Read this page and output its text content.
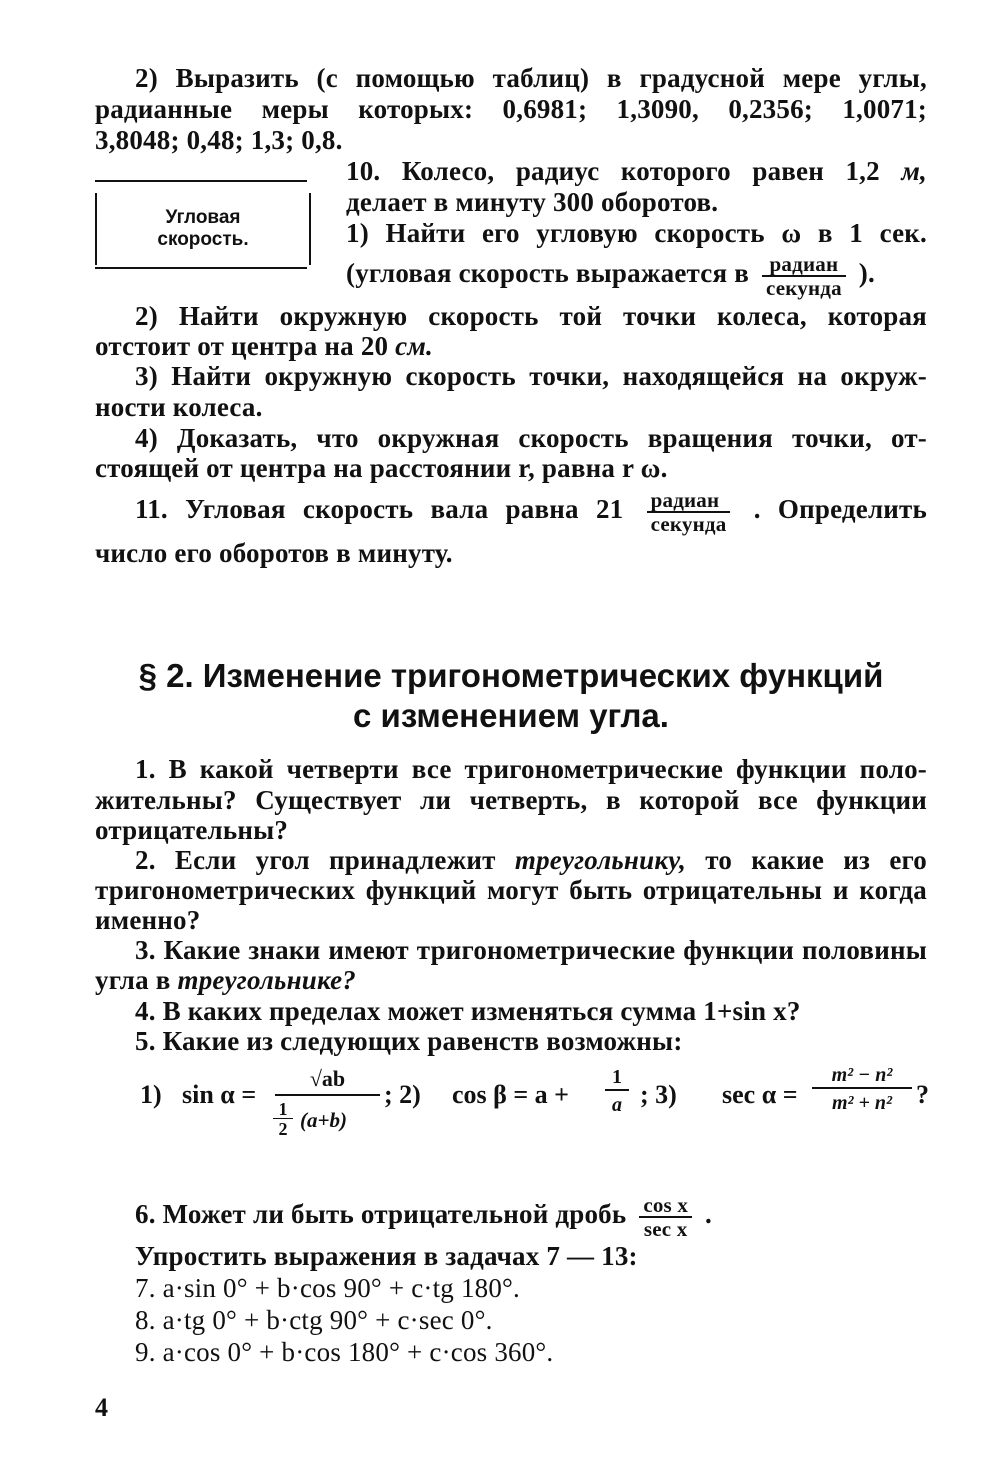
2) Выразить (с помощью таблиц) в градусной мере углы,
радианные меры которых: 0,6981; 1,3090, 0,2356; 1,0071;
3,8048; 0,48; 1,3; 0,8.
Угловая
скорость.
10. Колесо, радиус которого равен 1,2 м,
делает в минуту 300 оборотов.
1) Найти его угловую скорость ω в 1 сек.
(угловая скорость выражается в $\frac{\text{радиан}}{\text{секунда}}$ ).
2) Найти окружную скорость той точки колеса, которая
отстоит от центра на 20 см.
3) Найти окружную скорость точки, находящейся на окруж-
ности колеса.
4) Доказать, что окружная скорость вращения точки, от-
стоящей от центра на расстоянии r, равна r ω.
11. Угловая скорость вала равна $21 \frac{\text{радиан}}{\text{секунда}}$ . Определить
число его оборотов в минуту.
§ 2. Изменение тригонометрических функций
с изменением угла.
1. В какой четверти все тригонометрические функции поло-
жительны? Существует ли четверть, в которой все функции
отрицательны?
2. Если угол принадлежит треугольнику, то какие из его
тригонометрических функций могут быть отрицательны и когда
именно?
3. Какие знаки имеют тригонометрические функции половины
угла в треугольнике?
4. В каких пределах может изменяться сумма 1+sin x?
5. Какие из следующих равенств возможны:
1) sin α =
√ab
1
2 (a+b)
; 2) cos β = a +
1
a ; 3) sec α =
m² − n²
m² + n² ?
6. Может ли быть отрицательной дробь $\frac{\text{cos x}}{\text{sec x}}$ .
Упростить выражения в задачах 7 — 13:
7. a·sin 0° + b·cos 90° + c·tg 180°.
8. a·tg 0° + b·ctg 90° + c·sec 0°.
9. a·cos 0° + b·cos 180° + c·cos 360°.
4
